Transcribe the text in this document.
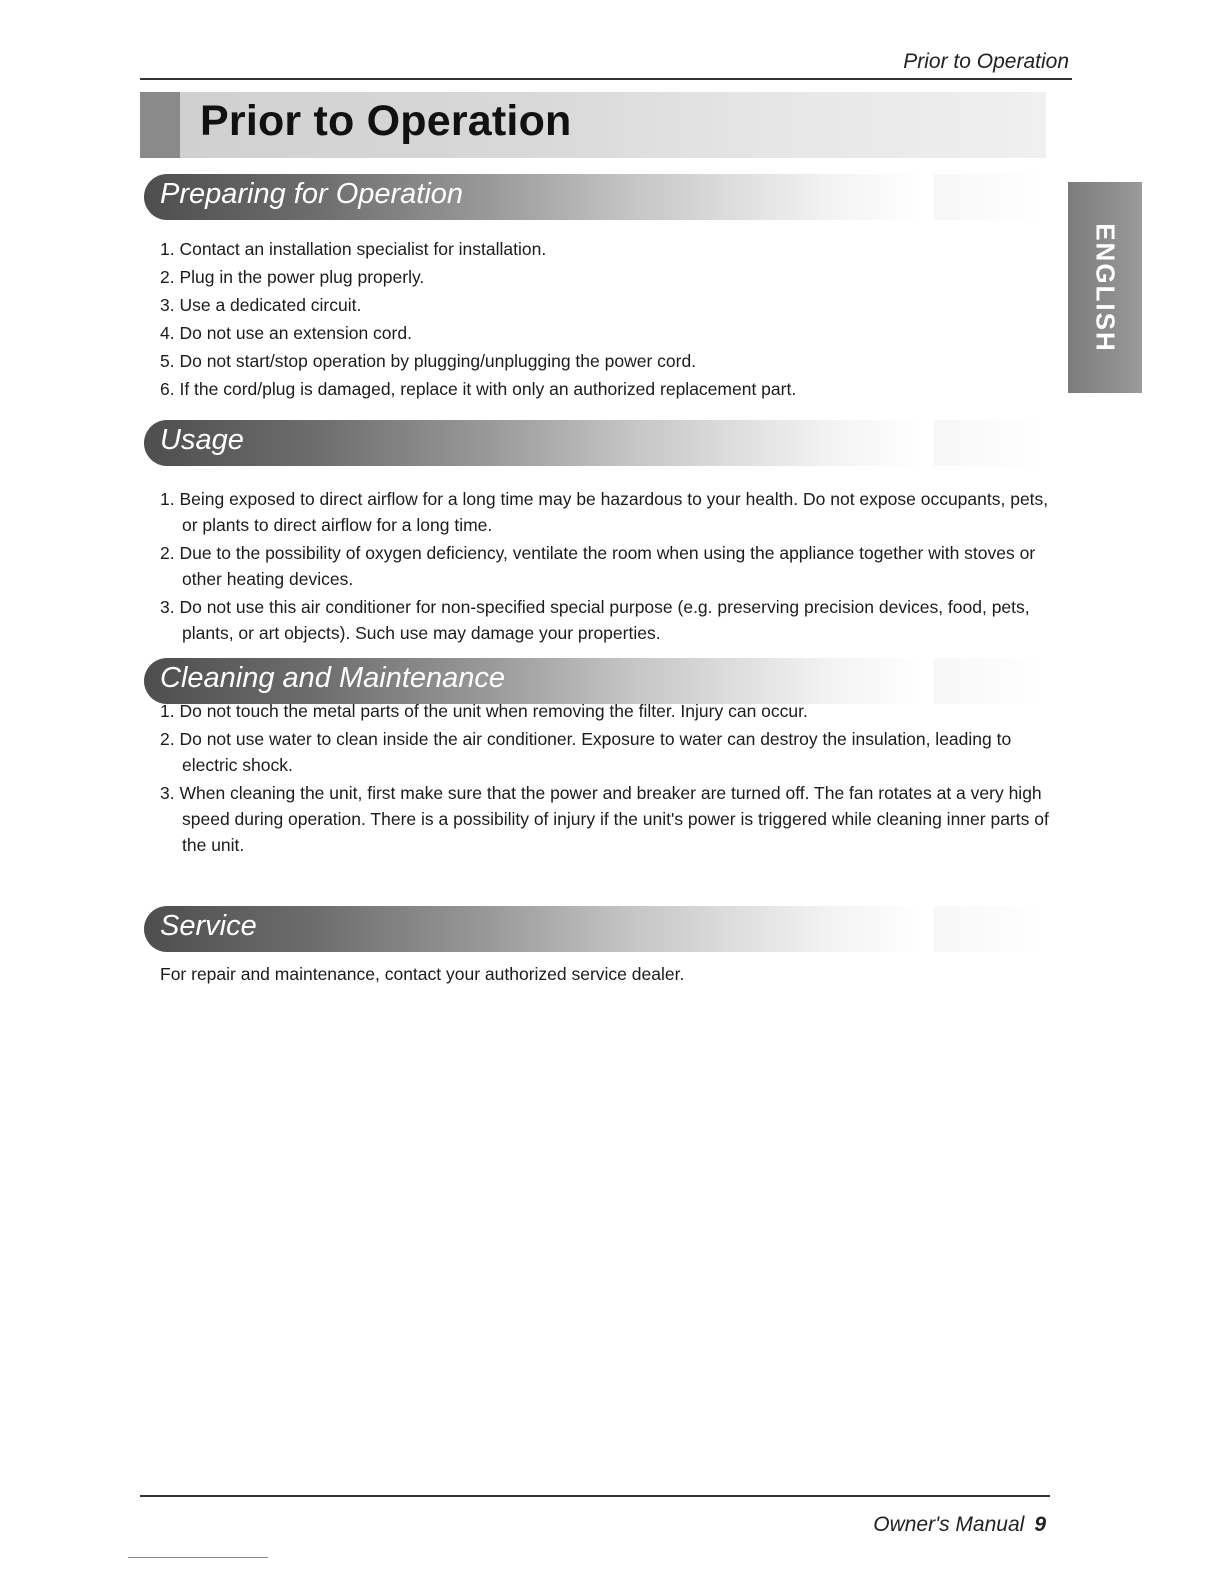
Prior to Operation
Prior to Operation
ENGLISH
Preparing for Operation
1. Contact an installation specialist for installation.
2. Plug in the power plug properly.
3. Use a dedicated circuit.
4. Do not use an extension cord.
5. Do not start/stop operation by plugging/unplugging the power cord.
6. If the cord/plug is damaged, replace it with only an authorized replacement part.
Usage
1. Being exposed to direct airflow for a long time may be hazardous to your health. Do not expose occupants, pets, or plants to direct airflow for a long time.
2. Due to the possibility of oxygen deficiency, ventilate the room when using the appliance together with stoves or other heating devices.
3. Do not use this air conditioner for non-specified special purpose (e.g. preserving precision devices, food, pets, plants, or art objects). Such use may damage your properties.
Cleaning and Maintenance
1. Do not touch the metal parts of the unit when removing the filter. Injury can occur.
2. Do not use water to clean inside the air conditioner. Exposure to water can destroy the insulation, leading to electric shock.
3. When cleaning the unit, first make sure that the power and breaker are turned off. The fan rotates at a very high speed during operation. There is a possibility of injury if the unit's power is triggered while cleaning inner parts of the unit.
Service
For repair and maintenance, contact your authorized service dealer.
Owner's Manual 9
